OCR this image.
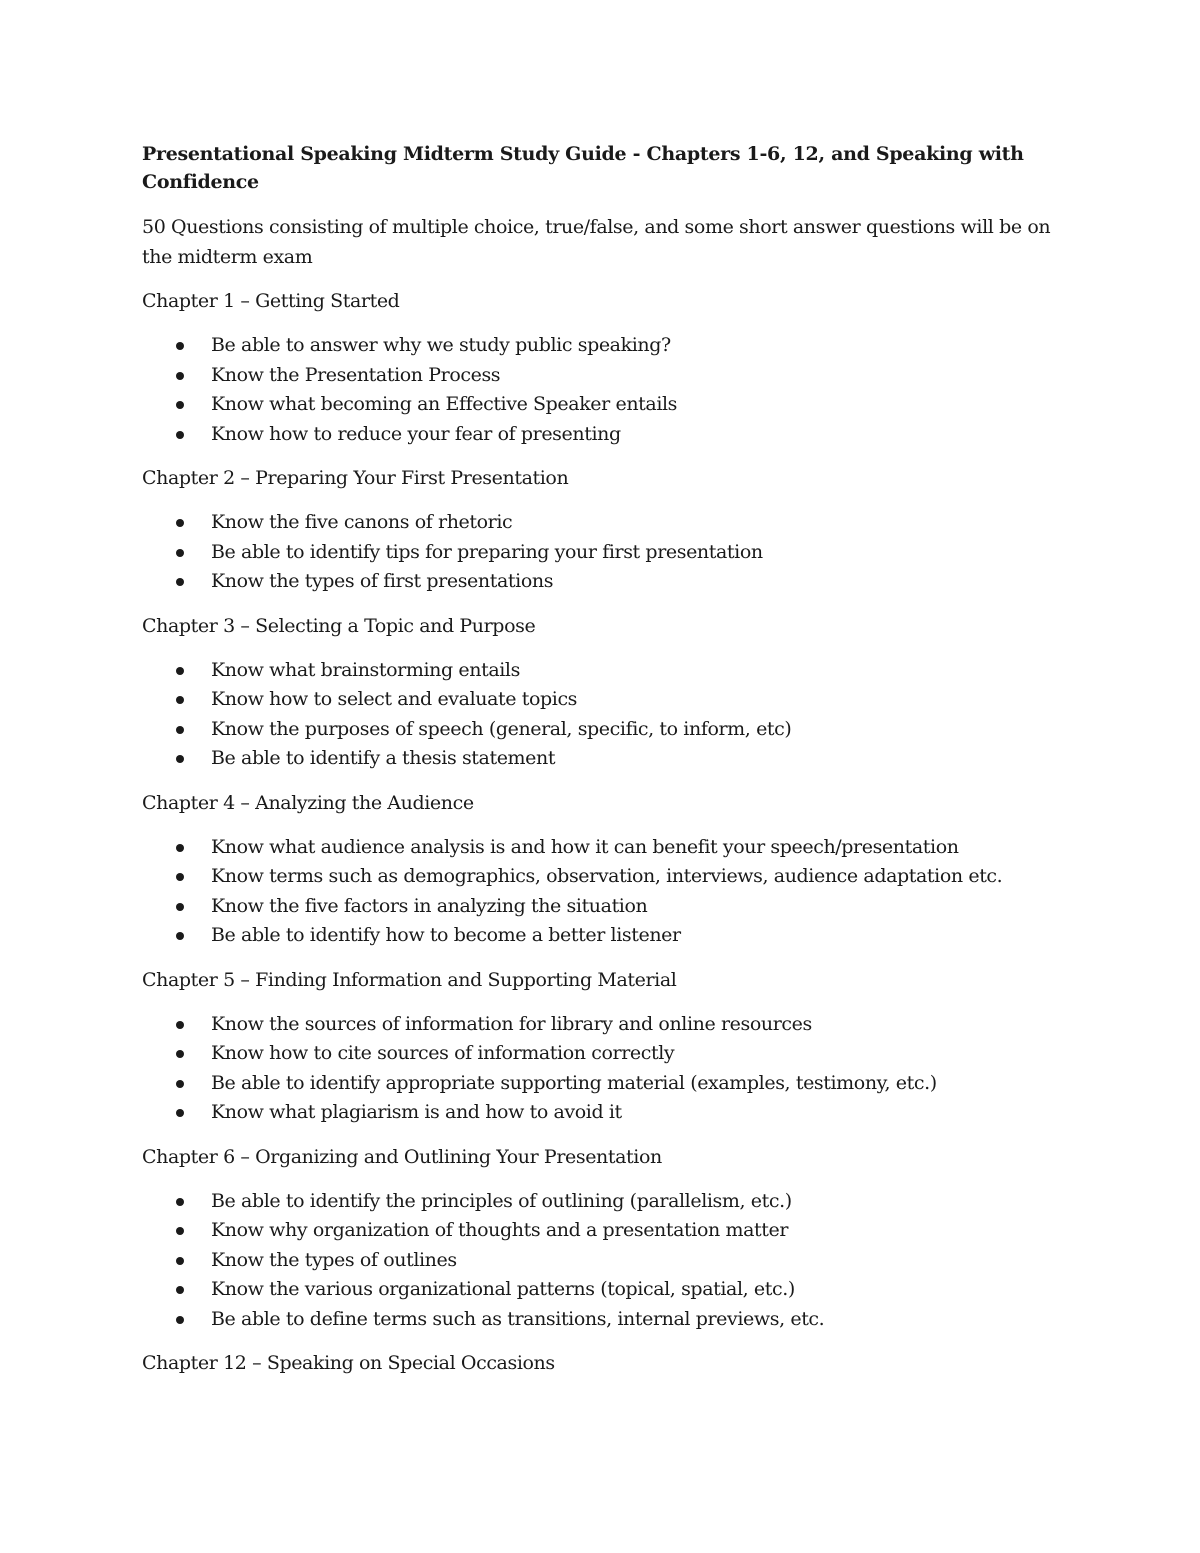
Presentational Speaking Midterm Study Guide - Chapters 1-6, 12, and Speaking with Confidence

50 Questions consisting of multiple choice, true/false, and some short answer questions will be on the midterm exam

Chapter 1 – Getting Started

Be able to answer why we study public speaking?
Know the Presentation Process
Know what becoming an Effective Speaker entails
Know how to reduce your fear of presenting

Chapter 2 – Preparing Your First Presentation

Know the five canons of rhetoric
Be able to identify tips for preparing your first presentation
Know the types of first presentations

Chapter 3 – Selecting a Topic and Purpose

Know what brainstorming entails
Know how to select and evaluate topics
Know the purposes of speech (general, specific, to inform, etc)
Be able to identify a thesis statement

Chapter 4 – Analyzing the Audience

Know what audience analysis is and how it can benefit your speech/presentation
Know terms such as demographics, observation, interviews, audience adaptation etc.
Know the five factors in analyzing the situation
Be able to identify how to become a better listener

Chapter 5 – Finding Information and Supporting Material

Know the sources of information for library and online resources
Know how to cite sources of information correctly
Be able to identify appropriate supporting material (examples, testimony, etc.)
Know what plagiarism is and how to avoid it

Chapter 6 – Organizing and Outlining Your Presentation

Be able to identify the principles of outlining (parallelism, etc.)
Know why organization of thoughts and a presentation matter
Know the types of outlines
Know the various organizational patterns (topical, spatial, etc.)
Be able to define terms such as transitions, internal previews, etc.

Chapter 12 – Speaking on Special Occasions
